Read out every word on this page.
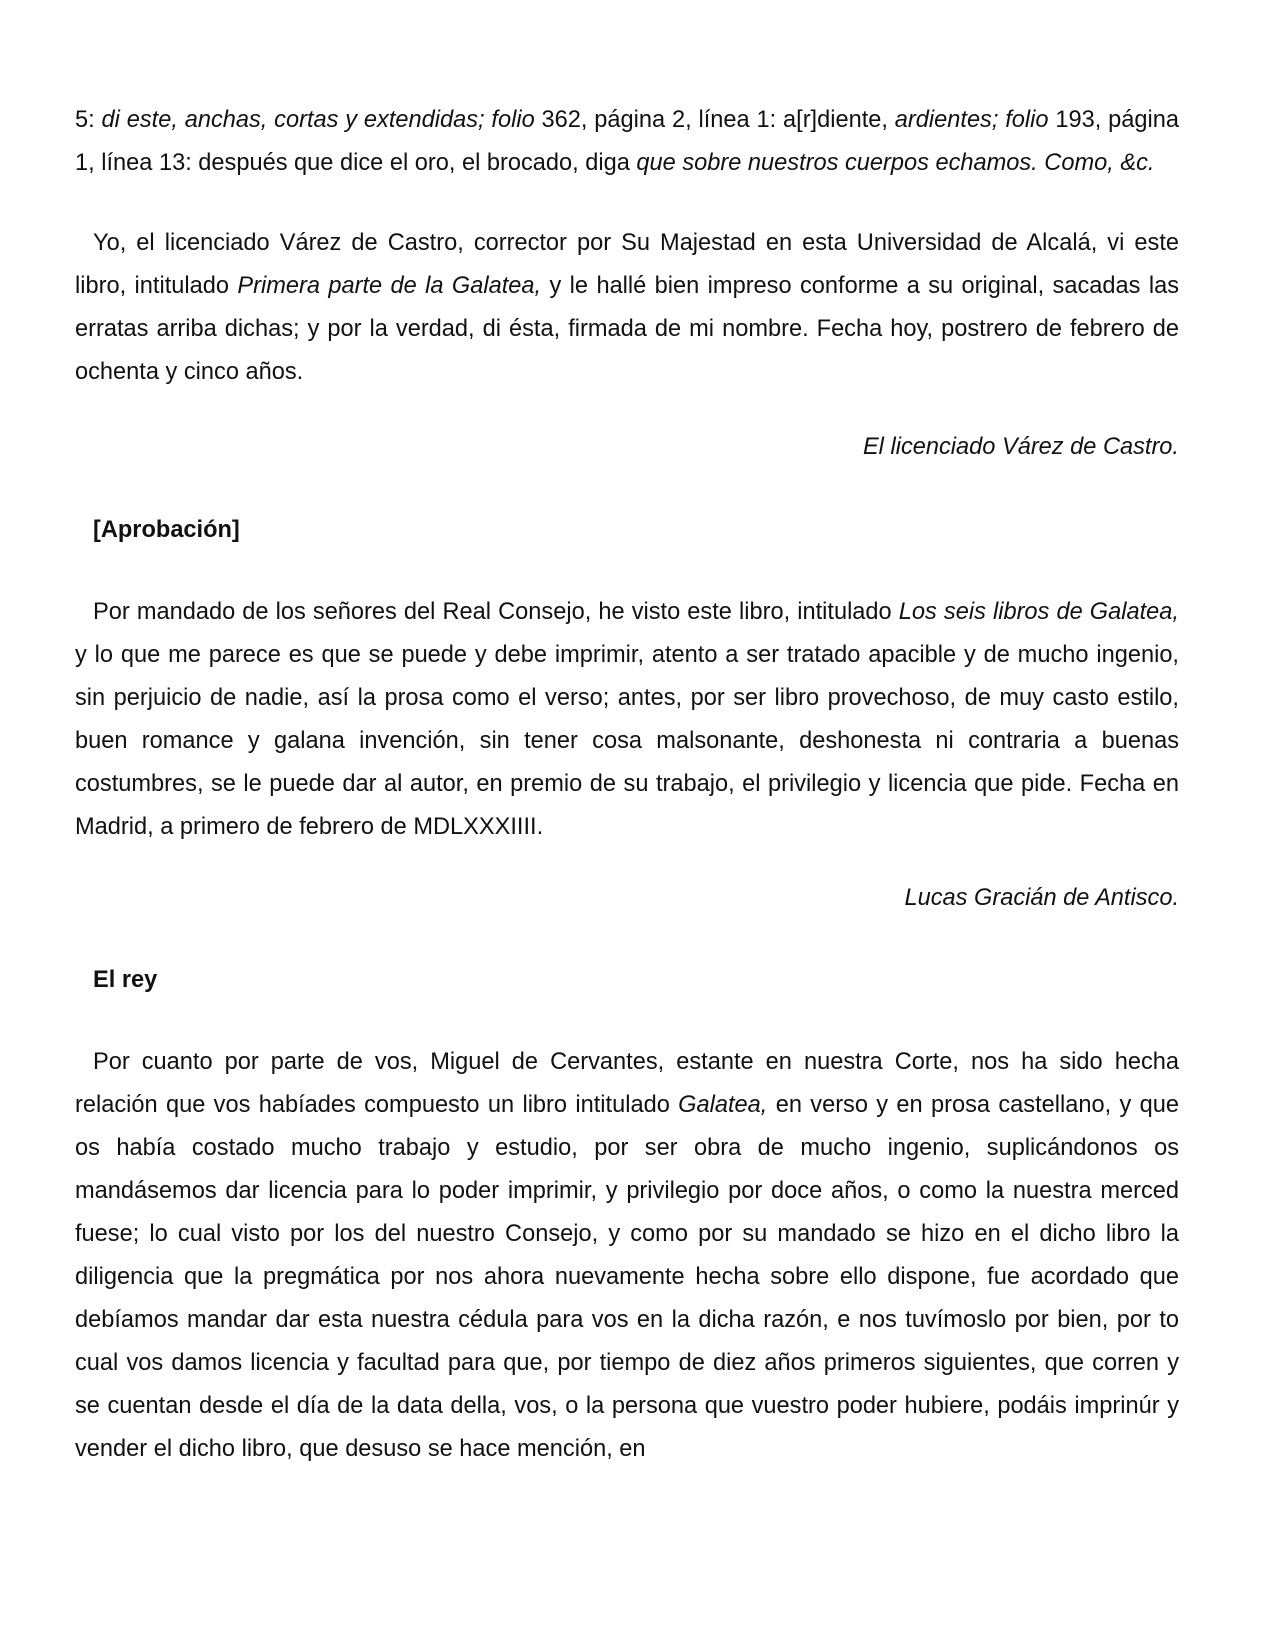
5: di este, anchas, cortas y extendidas; folio 362, página 2, línea 1: a[r]diente, ardientes; folio 193, página 1, línea 13: después que dice el oro, el brocado, diga que sobre nuestros cuerpos echamos. Como, &c.

Yo, el licenciado Várez de Castro, corrector por Su Majestad en esta Universidad de Alcalá, vi este libro, intitulado Primera parte de la Galatea, y le hallé bien impreso conforme a su original, sacadas las erratas arriba dichas; y por la verdad, di ésta, firmada de mi nombre. Fecha hoy, postrero de febrero de ochenta y cinco años.

El licenciado Várez de Castro.

[Aprobación]

Por mandado de los señores del Real Consejo, he visto este libro, intitulado Los seis libros de Galatea, y lo que me parece es que se puede y debe imprimir, atento a ser tratado apacible y de mucho ingenio, sin perjuicio de nadie, así la prosa como el verso; antes, por ser libro provechoso, de muy casto estilo, buen romance y galana invención, sin tener cosa malsonante, deshonesta ni contraria a buenas costumbres, se le puede dar al autor, en premio de su trabajo, el privilegio y licencia que pide. Fecha en Madrid, a primero de febrero de MDLXXXIIII.

Lucas Gracián de Antisco.

El rey

Por cuanto por parte de vos, Miguel de Cervantes, estante en nuestra Corte, nos ha sido hecha relación que vos habíades compuesto un libro intitulado Galatea, en verso y en prosa castellano, y que os había costado mucho trabajo y estudio, por ser obra de mucho ingenio, suplicándonos os mandásemos dar licencia para lo poder imprimir, y privilegio por doce años, o como la nuestra merced fuese; lo cual visto por los del nuestro Consejo, y como por su mandado se hizo en el dicho libro la diligencia que la pregmática por nos ahora nuevamente hecha sobre ello dispone, fue acordado que debíamos mandar dar esta nuestra cédula para vos en la dicha razón, e nos tuvímoslo por bien, por to cual vos damos licencia y facultad para que, por tiempo de diez años primeros siguientes, que corren y se cuentan desde el día de la data della, vos, o la persona que vuestro poder hubiere, podáis imprinúr y vender el dicho libro, que desuso se hace mención, en
